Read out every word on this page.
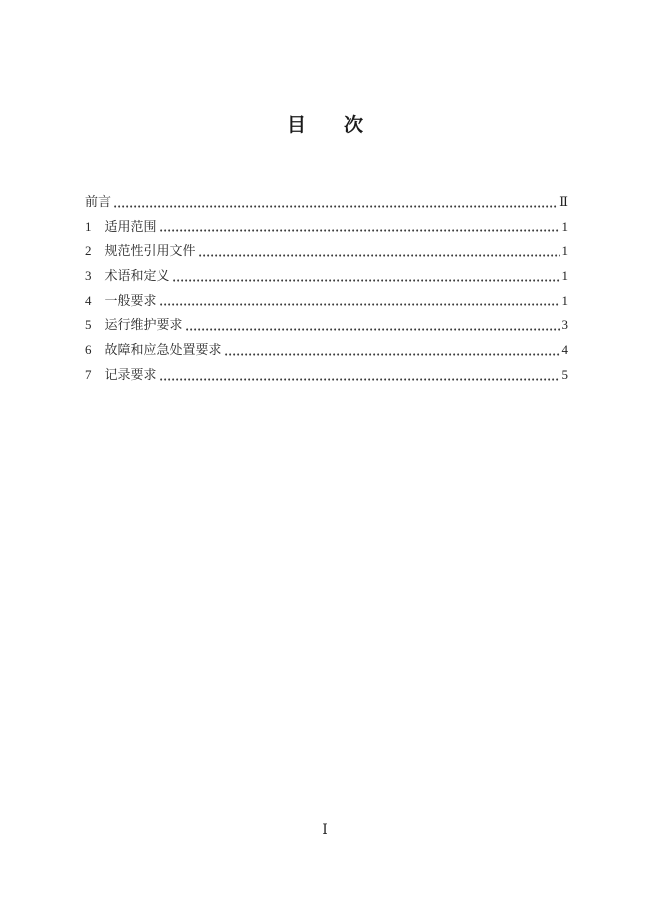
目　　次
前言	Ⅱ
1　适用范围	1
2　规范性引用文件	1
3　术语和定义	1
4　一般要求	1
5　运行维护要求	3
6　故障和应急处置要求	4
7　记录要求	5
Ⅰ
